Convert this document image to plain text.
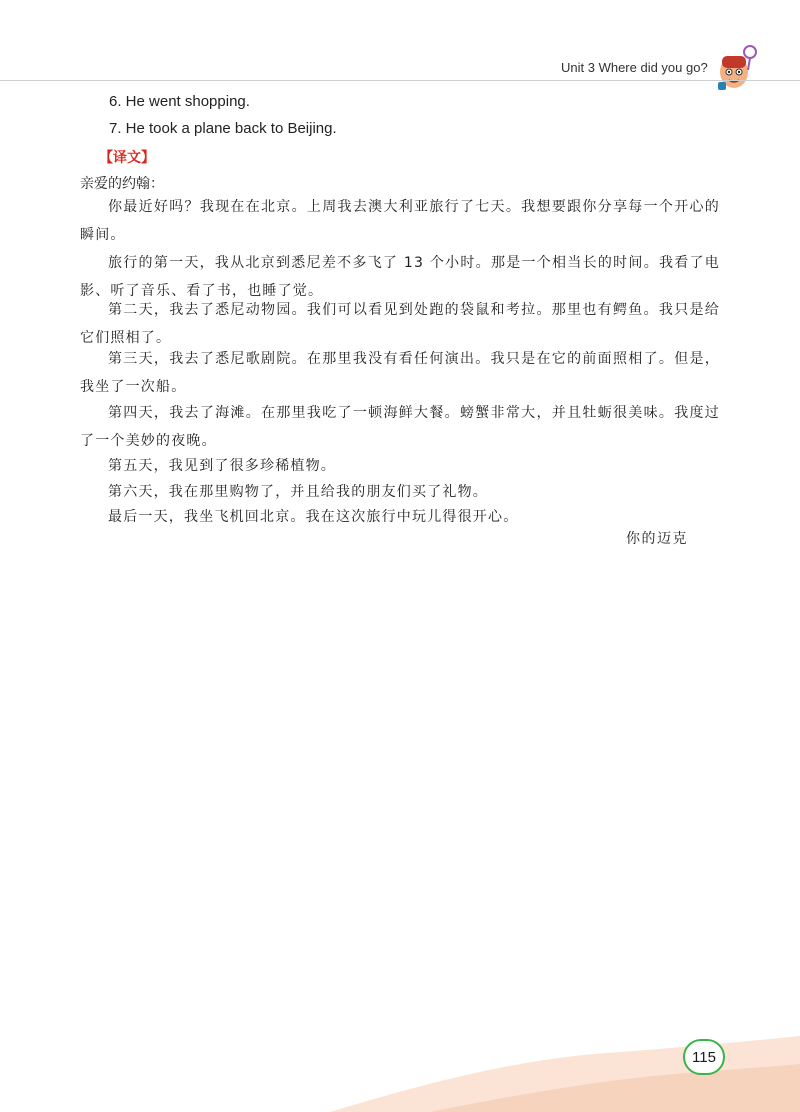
Unit 3 Where did you go?
6. He went shopping.
7. He took a plane back to Beijing.
【译文】
亲爱的约翰：
你最近好吗？我现在在北京。上周我去澳大利亚旅行了七天。我想要跟你分享每一个开心的瞬间。
旅行的第一天，我从北京到悉尼差不多飞了 13 个小时。那是一个相当长的时间。我看了电影、听了音乐、看了书，也睡了觉。
第二天，我去了悉尼动物园。我们可以看见到处跑的袋鼠和考拉。那里也有鳄鱼。我只是给它们照相了。
第三天，我去了悉尼歌剧院。在那里我没有看任何演出。我只是在它的前面照相了。但是，我坐了一次船。
第四天，我去了海滩。在那里我吃了一顿海鲜大餐。螃蟹非常大，并且牡蛎很美味。我度过了一个美妙的夜晚。
第五天，我见到了很多珍稀植物。
第六天，我在那里购物了，并且给我的朋友们买了礼物。
最后一天，我坐飞机回北京。我在这次旅行中玩儿得很开心。
你的迈克
115
